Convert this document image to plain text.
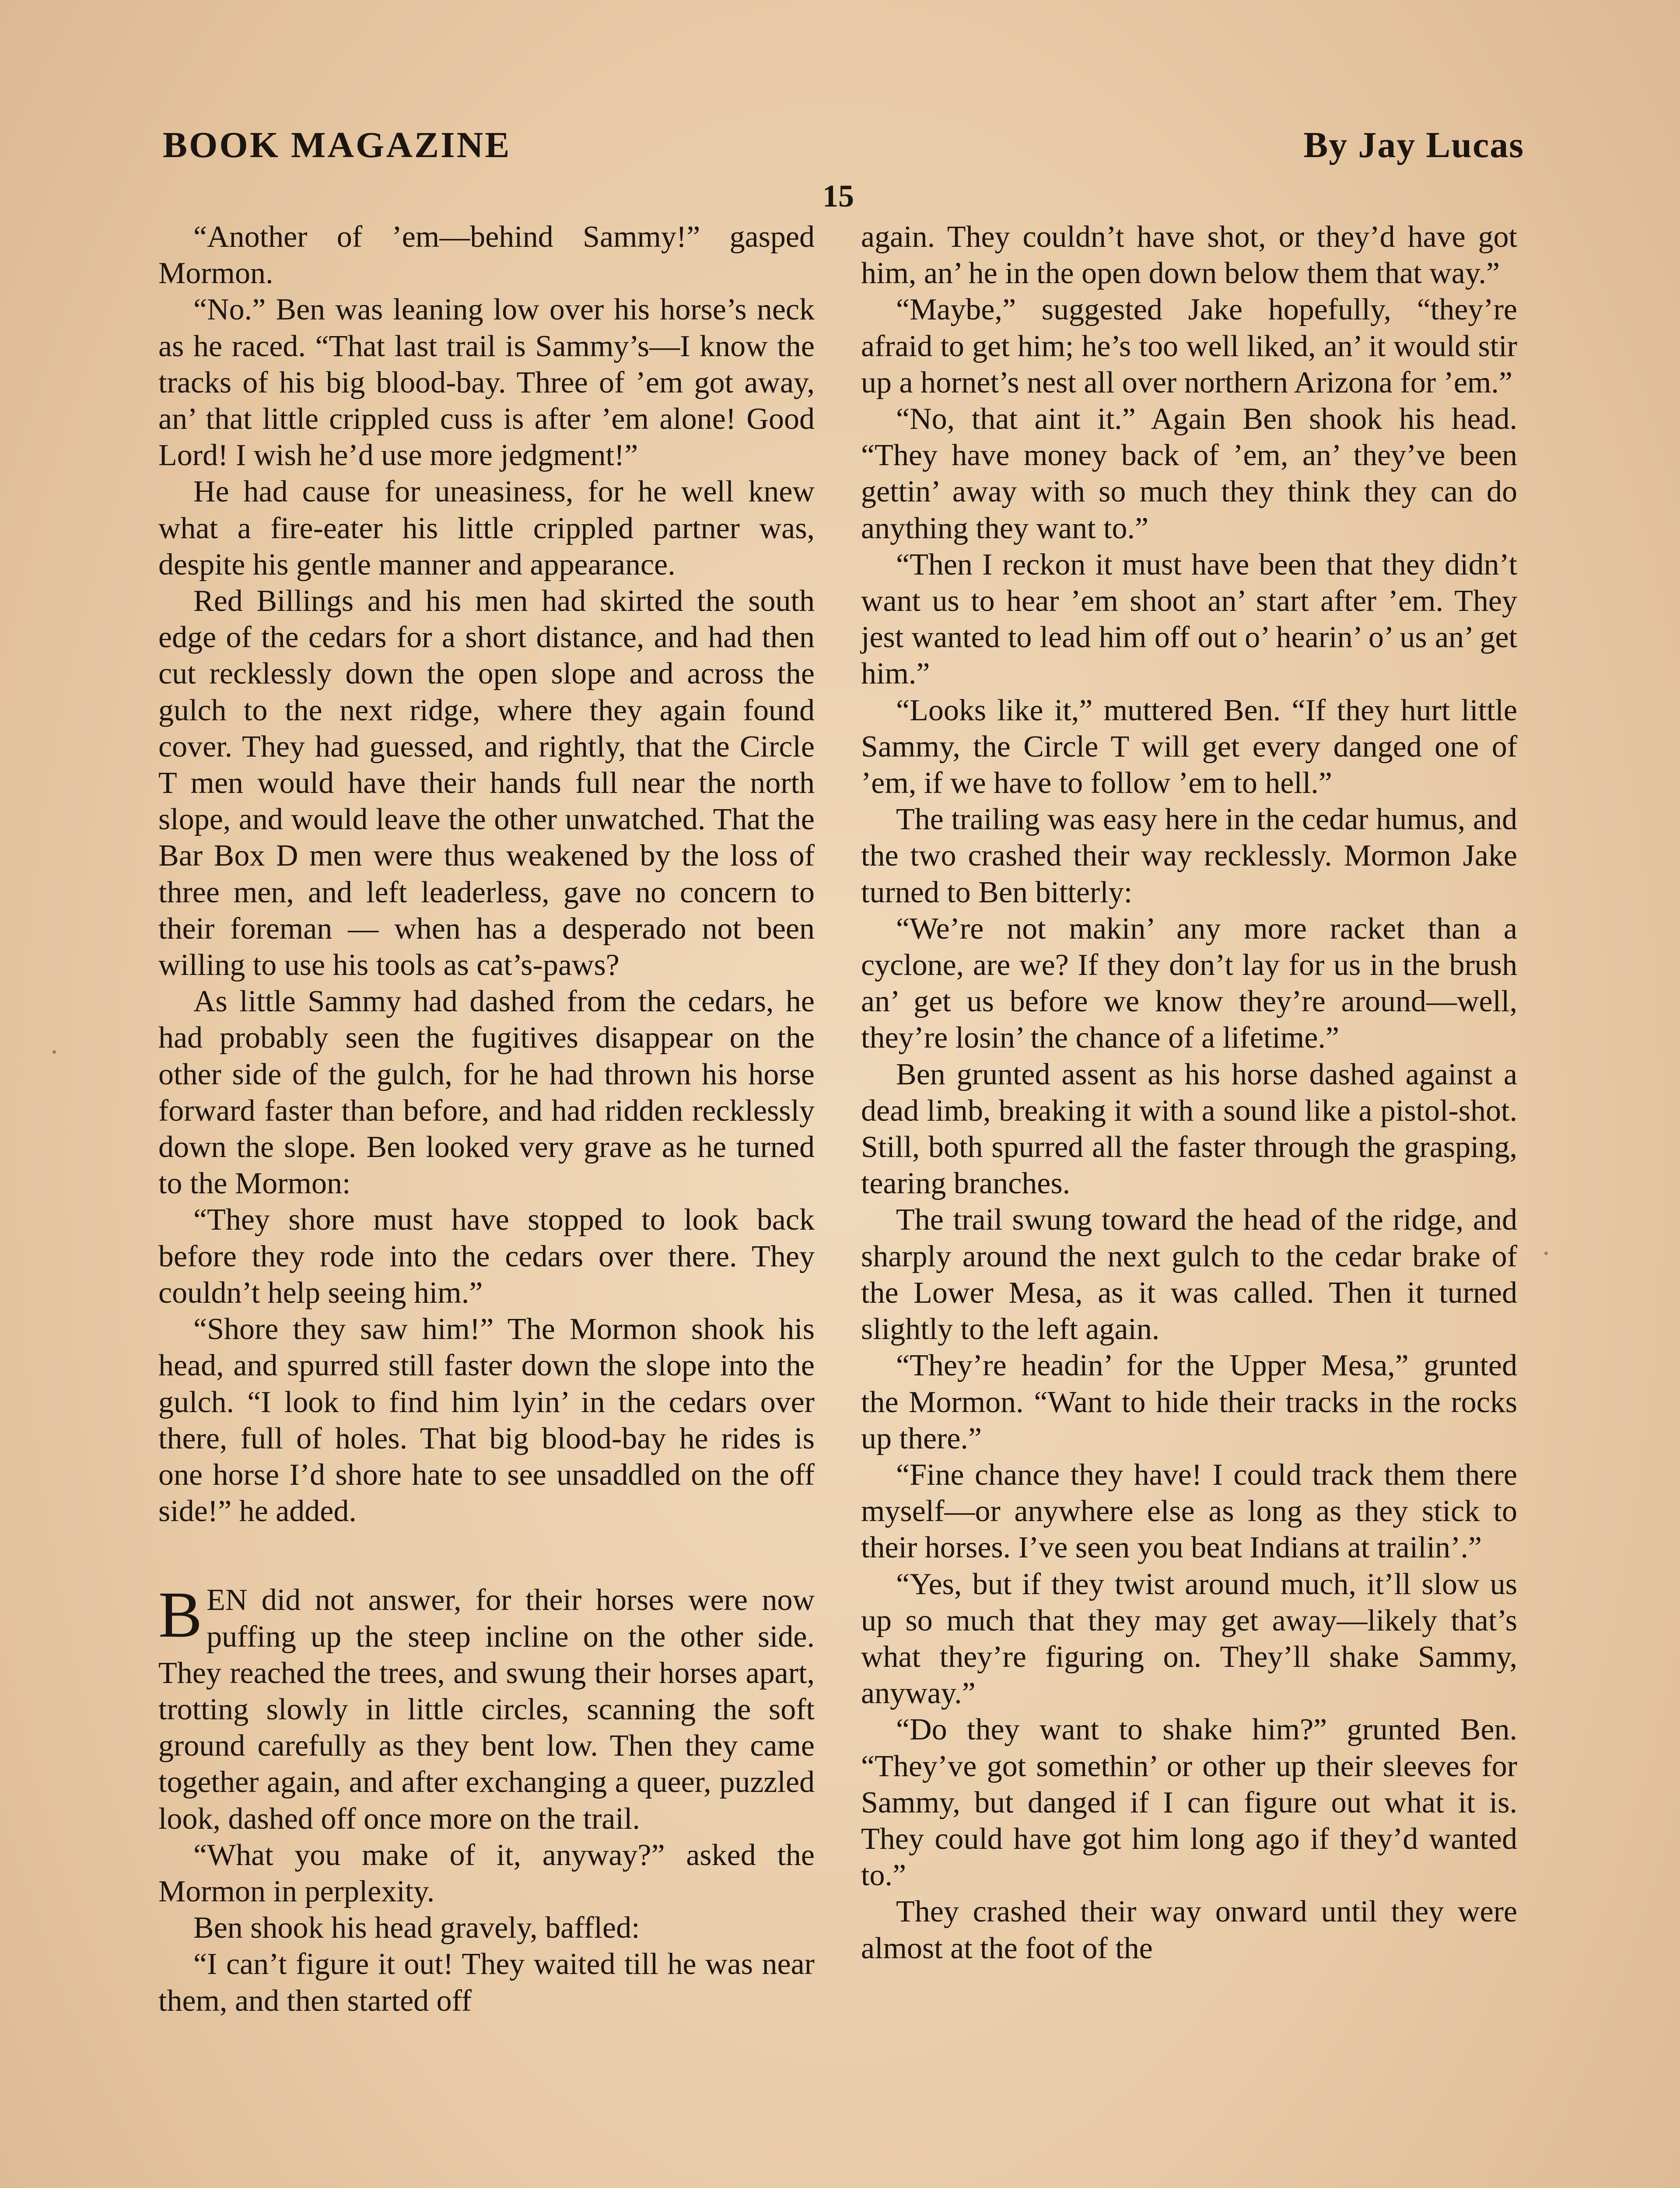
BOOK MAGAZINE	By Jay Lucas
15

“Another of ’em—behind Sammy!” gasped Mormon.

“No.” Ben was leaning low over his horse’s neck as he raced. “That last trail is Sammy’s—I know the tracks of his big blood-bay. Three of ’em got away, an’ that little crippled cuss is after ’em alone! Good Lord! I wish he’d use more jedgment!”

He had cause for uneasiness, for he well knew what a fire-eater his little crippled partner was, despite his gentle manner and appearance.

Red Billings and his men had skirted the south edge of the cedars for a short distance, and had then cut recklessly down the open slope and across the gulch to the next ridge, where they again found cover. They had guessed, and rightly, that the Circle T men would have their hands full near the north slope, and would leave the other unwatched. That the Bar Box D men were thus weakened by the loss of three men, and left leaderless, gave no concern to their foreman — when has a desperado not been willing to use his tools as cat’s-paws?

As little Sammy had dashed from the cedars, he had probably seen the fugitives disappear on the other side of the gulch, for he had thrown his horse forward faster than before, and had ridden recklessly down the slope. Ben looked very grave as he turned to the Mormon:

“They shore must have stopped to look back before they rode into the cedars over there. They couldn’t help seeing him.”

“Shore they saw him!” The Mormon shook his head, and spurred still faster down the slope into the gulch. “I look to find him lyin’ in the cedars over there, full of holes. That big blood-bay he rides is one horse I’d shore hate to see unsaddled on the off side!” he added.

BEN did not answer, for their horses were now puffing up the steep incline on the other side. They reached the trees, and swung their horses apart, trotting slowly in little circles, scanning the soft ground carefully as they bent low. Then they came together again, and after exchanging a queer, puzzled look, dashed off once more on the trail.

“What you make of it, anyway?” asked the Mormon in perplexity.

Ben shook his head gravely, baffled:

“I can’t figure it out! They waited till he was near them, and then started off

again. They couldn’t have shot, or they’d have got him, an’ he in the open down below them that way.”

“Maybe,” suggested Jake hopefully, “they’re afraid to get him; he’s too well liked, an’ it would stir up a hornet’s nest all over northern Arizona for ’em.”

“No, that aint it.” Again Ben shook his head. “They have money back of ’em, an’ they’ve been gettin’ away with so much they think they can do anything they want to.”

“Then I reckon it must have been that they didn’t want us to hear ’em shoot an’ start after ’em. They jest wanted to lead him off out o’ hearin’ o’ us an’ get him.”

“Looks like it,” muttered Ben. “If they hurt little Sammy, the Circle T will get every danged one of ’em, if we have to follow ’em to hell.”

The trailing was easy here in the cedar humus, and the two crashed their way recklessly. Mormon Jake turned to Ben bitterly:

“We’re not makin’ any more racket than a cyclone, are we? If they don’t lay for us in the brush an’ get us before we know they’re around—well, they’re losin’ the chance of a lifetime.”

Ben grunted assent as his horse dashed against a dead limb, breaking it with a sound like a pistol-shot. Still, both spurred all the faster through the grasping, tearing branches.

The trail swung toward the head of the ridge, and sharply around the next gulch to the cedar brake of the Lower Mesa, as it was called. Then it turned slightly to the left again.

“They’re headin’ for the Upper Mesa,” grunted the Mormon. “Want to hide their tracks in the rocks up there.”

“Fine chance they have! I could track them there myself—or anywhere else as long as they stick to their horses. I’ve seen you beat Indians at trailin’.”

“Yes, but if they twist around much, it’ll slow us up so much that they may get away—likely that’s what they’re figuring on. They’ll shake Sammy, anyway.”

“Do they want to shake him?” grunted Ben. “They’ve got somethin’ or other up their sleeves for Sammy, but danged if I can figure out what it is. They could have got him long ago if they’d wanted to.”

They crashed their way onward until they were almost at the foot of the
